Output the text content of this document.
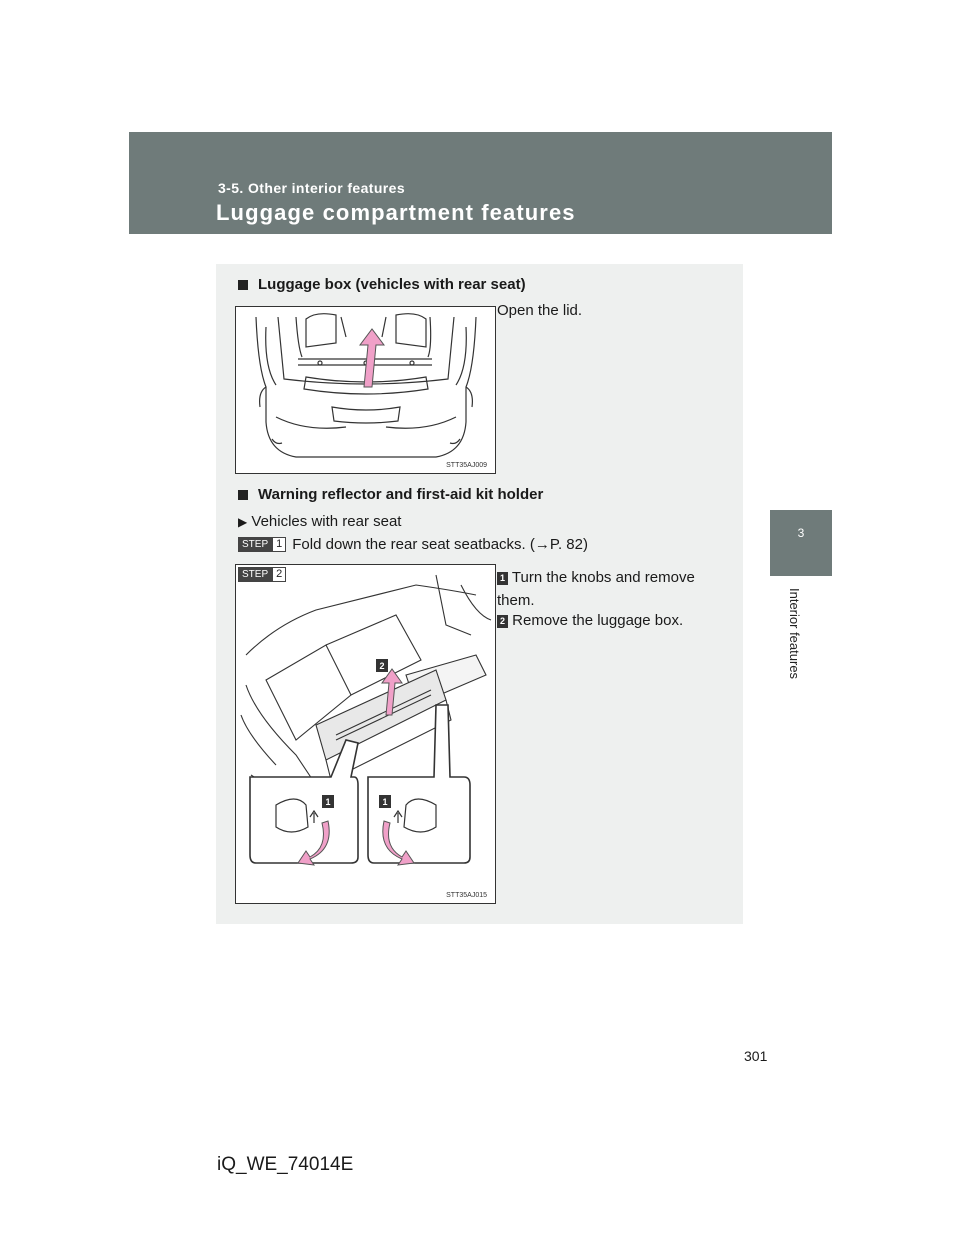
3-5. Other interior features
Luggage compartment features
3
Interior features
Luggage box (vehicles with rear seat)
Open the lid.
STT35AJ009
Warning reflector and first-aid kit holder
▶ Vehicles with rear seat
STEP 1 Fold down the rear seat seatbacks. (→P. 82)
STEP 2
2
1	1
STT35AJ015
1 Turn the knobs and remove them.
2 Remove the luggage box.
301
iQ_WE_74014E
